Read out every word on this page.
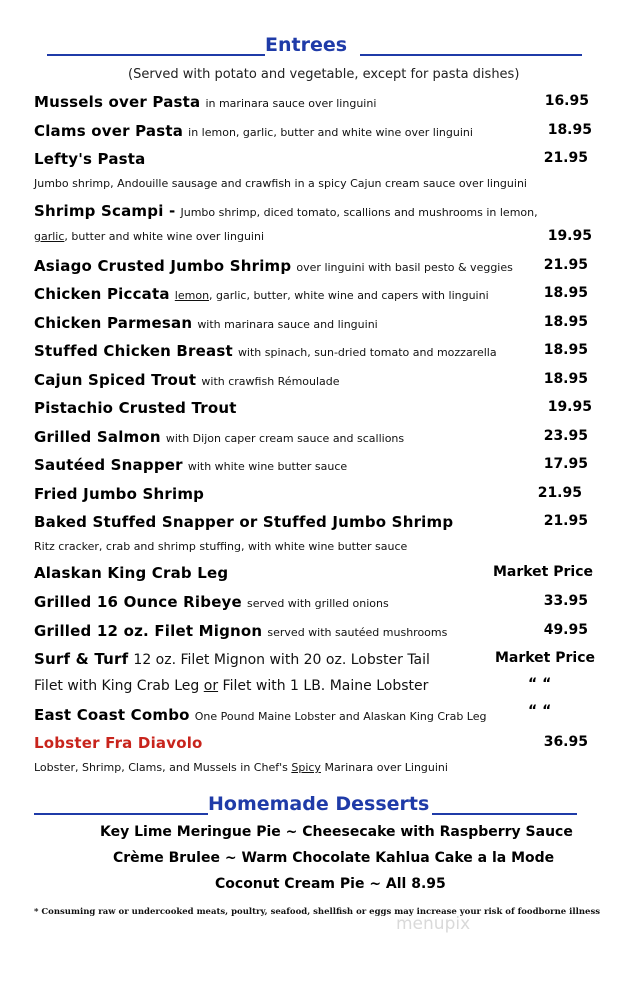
Entrees
(Served with potato and vegetable, except for pasta dishes)
Mussels over Pasta in marinara sauce over linguini	16.95
Clams over Pasta in lemon, garlic, butter and white wine over linguini	18.95
Lefty's Pasta	21.95
Jumbo shrimp, Andouille sausage and crawfish in a spicy Cajun cream sauce over linguini
Shrimp Scampi - Jumbo shrimp, diced tomato, scallions and mushrooms in lemon,
garlic, butter and white wine over linguini	19.95
Asiago Crusted Jumbo Shrimp over linguini with basil pesto & veggies 21.95
Chicken Piccata lemon, garlic, butter, white wine and capers with linguini	18.95
Chicken Parmesan with marinara sauce and linguini	18.95
Stuffed Chicken Breast with spinach, sun-dried tomato and mozzarella	18.95
Cajun Spiced Trout with crawfish Rémoulade	18.95
Pistachio Crusted Trout	19.95
Grilled Salmon with Dijon caper cream sauce and scallions	23.95
Sautéed Snapper with white wine butter sauce	17.95
Fried Jumbo Shrimp	21.95
Baked Stuffed Snapper or Stuffed Jumbo Shrimp	21.95
Ritz cracker, crab and shrimp stuffing, with white wine butter sauce
Alaskan King Crab Leg	Market Price
Grilled 16 Ounce Ribeye served with grilled onions	33.95
Grilled 12 oz. Filet Mignon served with sautéed mushrooms	49.95
Surf & Turf 12 oz. Filet Mignon with 20 oz. Lobster Tail	Market Price
Filet with King Crab Leg or Filet with 1 LB. Maine Lobster	“ “
East Coast Combo One Pound Maine Lobster and Alaskan King Crab Leg	“ “
Lobster Fra Diavolo	36.95
Lobster, Shrimp, Clams, and Mussels in Chef's Spicy Marinara over Linguini
Homemade Desserts
Key Lime Meringue Pie ~ Cheesecake with Raspberry Sauce
Crème Brulee ~ Warm Chocolate Kahlua Cake a la Mode
Coconut Cream Pie ~ All 8.95
menupix
* Consuming raw or undercooked meats, poultry, seafood, shellfish or eggs may increase your risk of foodborne illness
